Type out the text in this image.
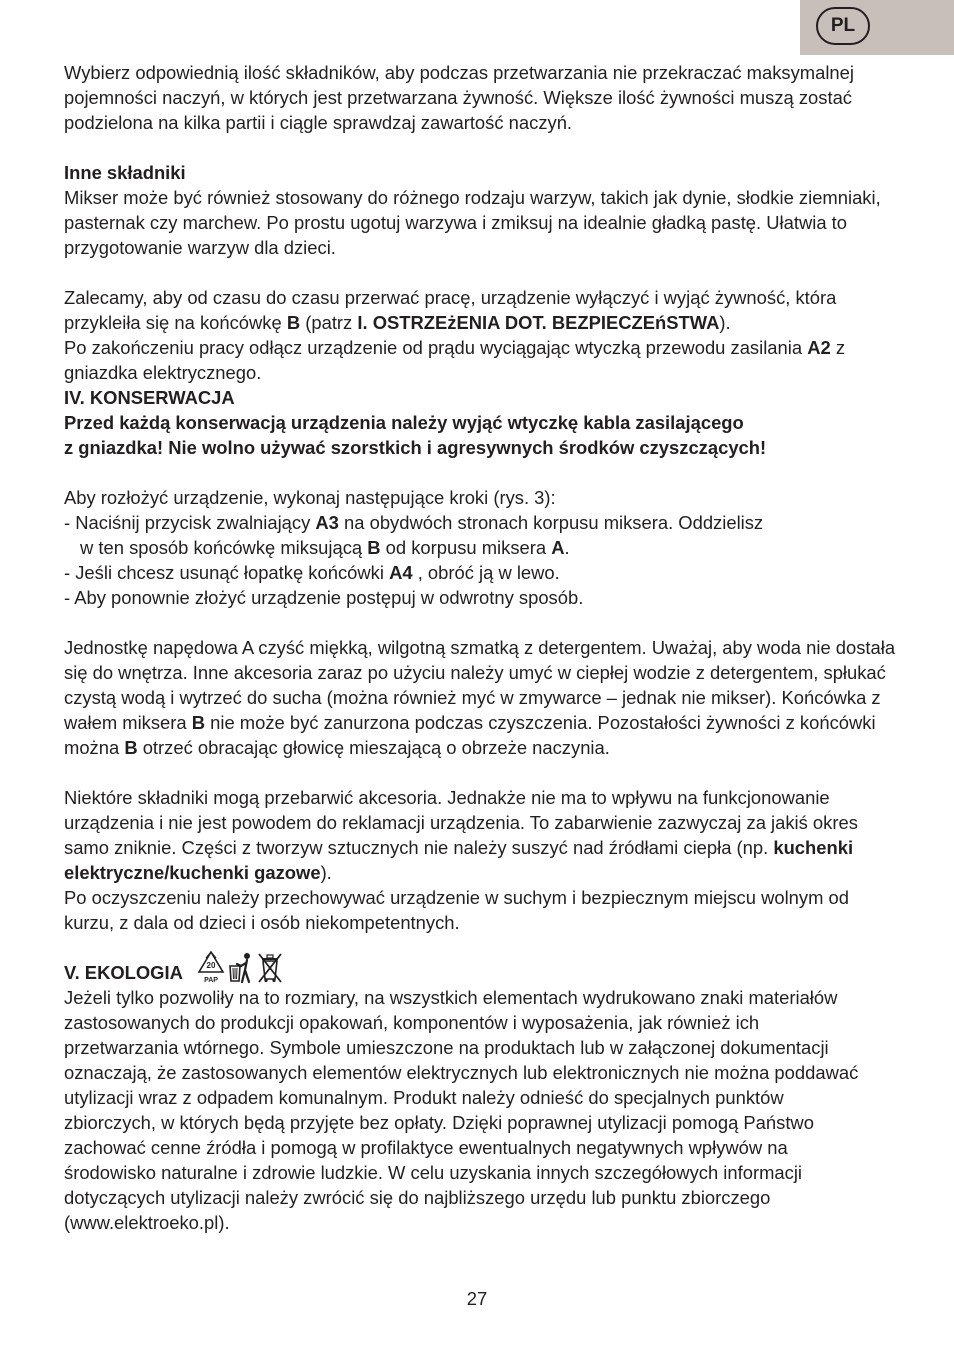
PL

Wybierz odpowiednią ilość składników, aby podczas przetwarzania nie przekraczać maksymalnej pojemności naczyń, w których jest przetwarzana żywność. Większe ilość żywności muszą zostać podzielona na kilka partii i ciągle sprawdzaj zawartość naczyń.

Inne składniki

Mikser może być również stosowany do różnego rodzaju warzyw, takich jak dynie, słodkie ziemniaki, pasternak czy marchew. Po prostu ugotuj warzywa i zmiksuj na idealnie gładką pastę. Ułatwia to przygotowanie warzyw dla dzieci.

Zalecamy, aby od czasu do czasu przerwać pracę, urządzenie wyłączyć i wyjąć żywność, która przykleiła się na końcówkę B (patrz I. OSTRZEżENIA DOT. BEZPIECZEńSTWA).

Po zakończeniu pracy odłącz urządzenie od prądu wyciągając wtyczką przewodu zasilania A2 z gniazdka elektrycznego.

IV. KONSERWACJA

Przed każdą konserwacją urządzenia należy wyjąć wtyczkę kabla zasilającego

z gniazdka! Nie wolno używać szorstkich i agresywnych środków czyszczących!

Aby rozłożyć urządzenie, wykonaj następujące kroki (rys. 3):

- Naciśnij przycisk zwalniający A3 na obydwóch stronach korpusu miksera. Oddzielisz

w ten sposób końcówkę miksującą B od korpusu miksera A.

- Jeśli chcesz usunąć łopatkę końcówki A4 , obróć ją w lewo.

- Aby ponownie złożyć urządzenie postępuj w odwrotny sposób.

Jednostkę napędowa A czyść miękką, wilgotną szmatką z detergentem. Uważaj, aby woda nie dostała się do wnętrza. Inne akcesoria zaraz po użyciu należy umyć w ciepłej wodzie z detergentem, spłukać czystą wodą i wytrzeć do sucha (można również myć w zmywarce – jednak nie mikser). Końcówka z wałem miksera B nie może być zanurzona podczas czyszczenia. Pozostałości żywności z końcówki można B otrzeć obracając głowicę mieszającą o obrzeże naczynia.

Niektóre składniki mogą przebarwić akcesoria. Jednakże nie ma to wpływu na funkcjonowanie urządzenia i nie jest powodem do reklamacji urządzenia. To zabarwienie zazwyczaj za jakiś okres samo zniknie. Części z tworzyw sztucznych nie należy suszyć nad źródłami ciepła (np. kuchenki elektryczne/kuchenki gazowe).

Po oczyszczeniu należy przechowywać urządzenie w suchym i bezpiecznym miejscu wolnym od kurzu, z dala od dzieci i osób niekompetentnych.

V. EKOLOGIA	20
PAP

Jeżeli tylko pozwoliły na to rozmiary, na wszystkich elementach wydrukowano znaki materiałów zastosowanych do produkcji opakowań, komponentów i wyposażenia, jak również ich przetwarzania wtórnego. Symbole umieszczone na produktach lub w załączonej dokumentacji oznaczają, że zastosowanych elementów elektrycznych lub elektronicznych nie można poddawać utylizacji wraz z odpadem komunalnym. Produkt należy odnieść do specjalnych punktów zbiorczych, w których będą przyjęte bez opłaty. Dzięki poprawnej utylizacji pomogą Państwo zachować cenne źródła i pomogą w profilaktyce ewentualnych negatywnych wpływów na środowisko naturalne i zdrowie ludzkie. W celu uzyskania innych szczegółowych informacji dotyczących utylizacji należy zwrócić się do najbliższego urzędu lub punktu zbiorczego (www.elektroeko.pl).

27
